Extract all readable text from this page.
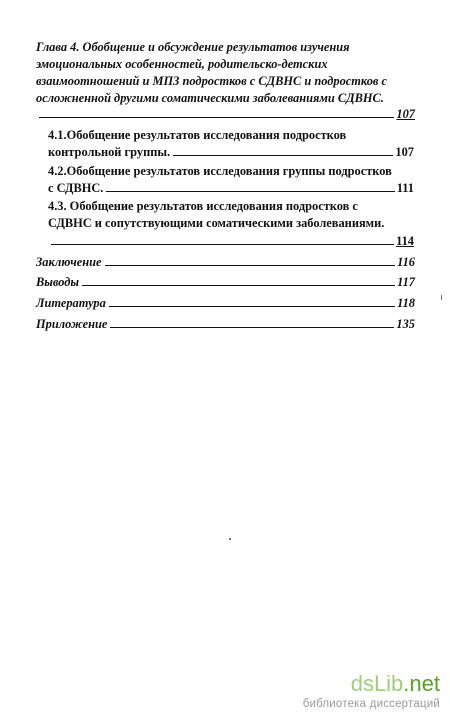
Глава 4. Обобщение и обсуждение результатов изучения
эмоциональных особенностей, родительско-детских
взаимоотношений и МПЗ подростков с СДВНС и подростков с
осложненной другими соматическими заболеваниями СДВНС.
107
4.1.Обобщение результатов исследования подростков
контрольной группы.	107
4.2.Обобщение результатов исследования группы подростков
с СДВНС.	111
4.3. Обобщение результатов исследования подростков с
СДВНС и сопутствующими соматическими заболеваниями.
114
Заключение	116
Выводы	117
Литература	118
Приложение	135
dsLib.net
библиотека диссертаций
